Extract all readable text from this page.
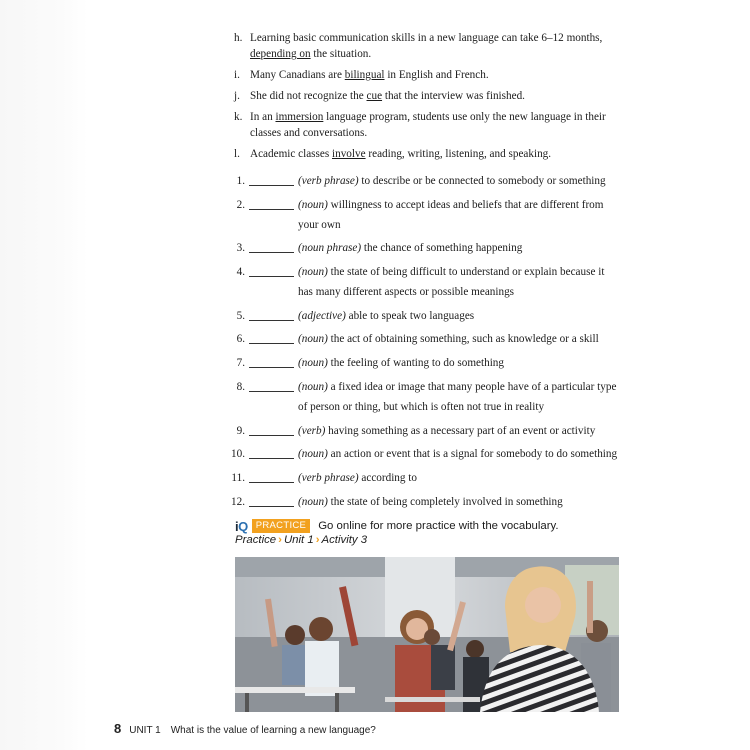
h. Learning basic communication skills in a new language can take 6–12 months, depending on the situation.
i. Many Canadians are bilingual in English and French.
j. She did not recognize the cue that the interview was finished.
k. In an immersion language program, students use only the new language in their classes and conversations.
l. Academic classes involve reading, writing, listening, and speaking.
1.	(verb phrase) to describe or be connected to somebody or something
2.	(noun) willingness to accept ideas and beliefs that are different from your own
3.	(noun phrase) the chance of something happening
4.	(noun) the state of being difficult to understand or explain because it has many different aspects or possible meanings
5.	(adjective) able to speak two languages
6.	(noun) the act of obtaining something, such as knowledge or a skill
7.	(noun) the feeling of wanting to do something
8.	(noun) a fixed idea or image that many people have of a particular type of person or thing, but which is often not true in reality
9.	(verb) having something as a necessary part of an event or activity
10.	(noun) an action or event that is a signal for somebody to do something
11.	(verb phrase) according to
12.	(noun) the state of being completely involved in something
iQ PRACTICE	Go online for more practice with the vocabulary.
Practice › Unit 1 › Activity 3
8 UNIT 1 What is the value of learning a new language?
